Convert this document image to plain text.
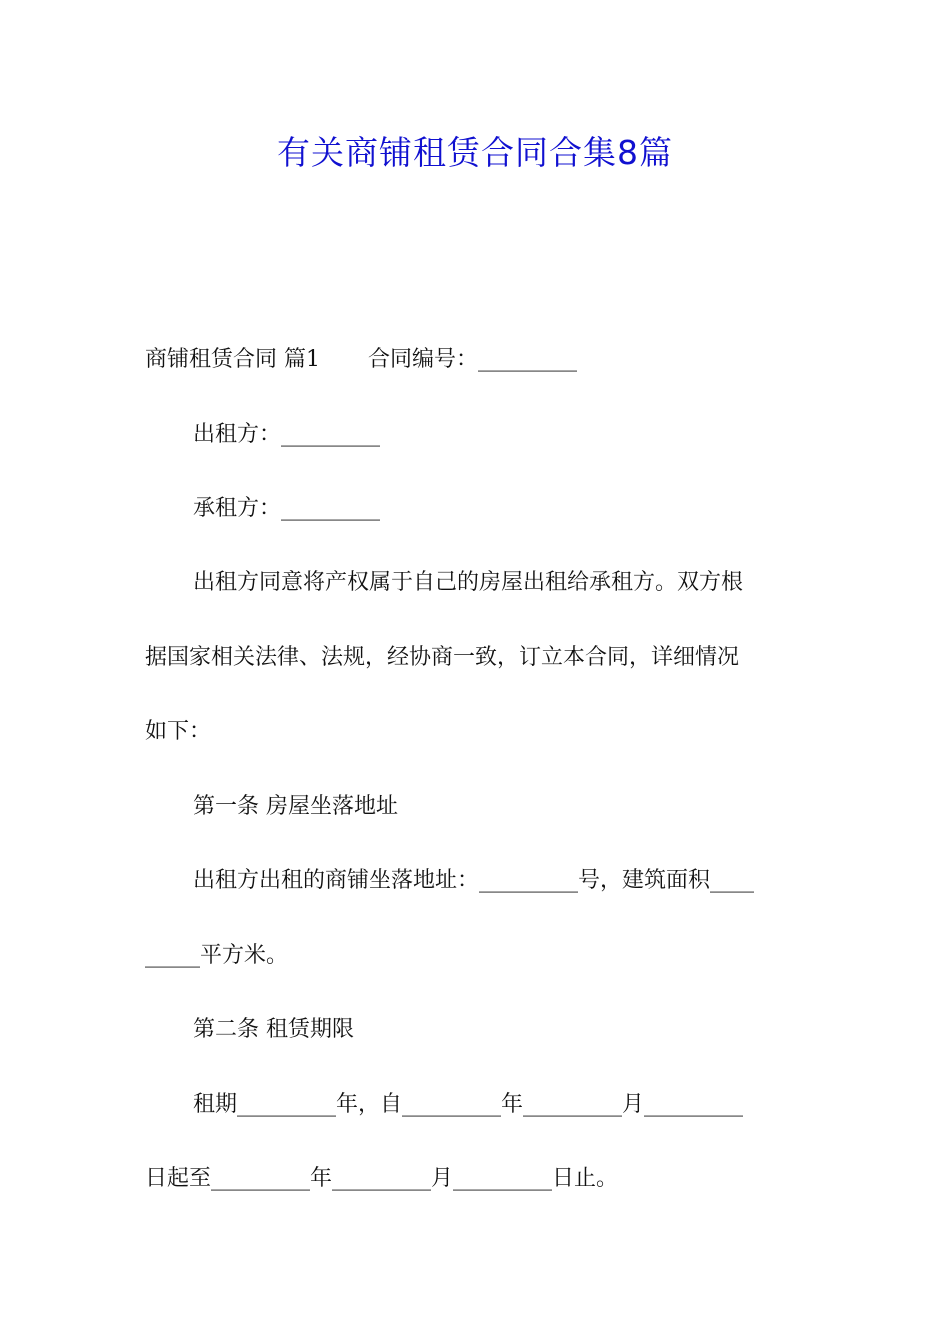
有关商铺租赁合同合集8篇
商铺租赁合同 篇1 合同编号：_________
出租方：_________
承租方：_________
出租方同意将产权属于自己的房屋出租给承租方。双方根
据国家相关法律、法规，经协商一致，订立本合同，详细情况
如下：
第一条 房屋坐落地址
出租方出租的商铺坐落地址：_________号，建筑面积____
_____平方米。
第二条 租赁期限
租期_________年，自_________年_________月_________
日起至_________年_________月_________日止。
